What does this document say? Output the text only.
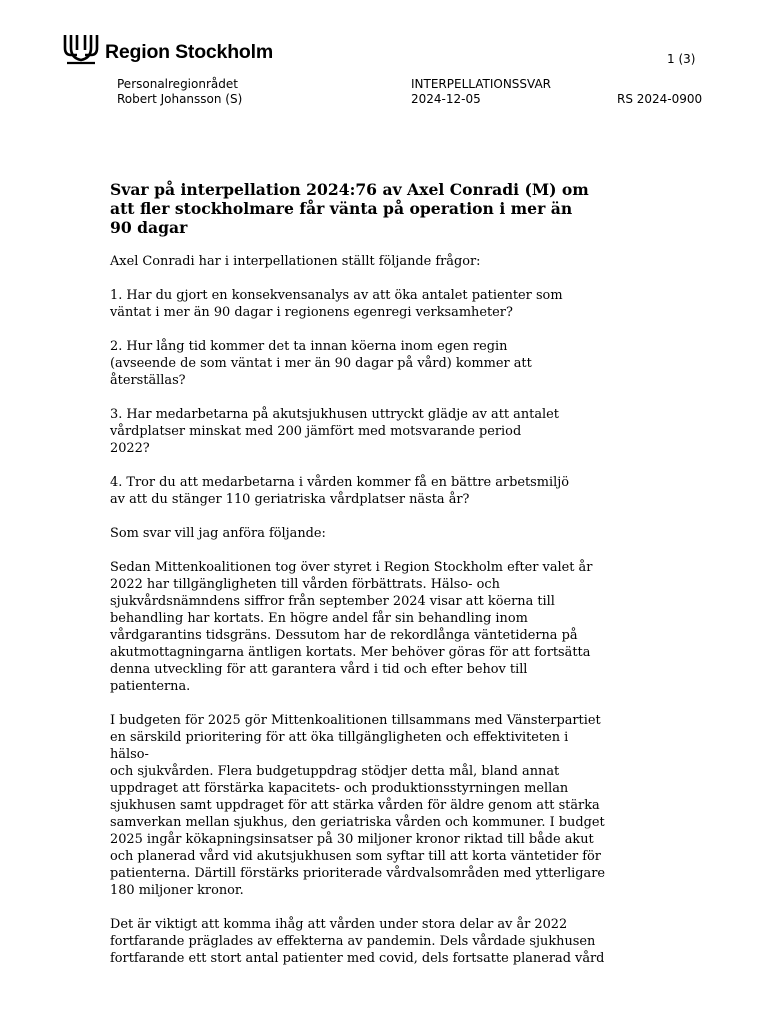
Region Stockholm	1 (3)
Personalregionrådet
Robert Johansson (S)
INTERPELLATIONSSVAR
2024-12-05	RS 2024-0900
Svar på interpellation 2024:76 av Axel Conradi (M) om
att fler stockholmare får vänta på operation i mer än
90 dagar

Axel Conradi har i interpellationen ställt följande frågor:

1. Har du gjort en konsekvensanalys av att öka antalet patienter som
väntat i mer än 90 dagar i regionens egenregi verksamheter?

2. Hur lång tid kommer det ta innan köerna inom egen regin
(avseende de som väntat i mer än 90 dagar på vård) kommer att
återställas?

3. Har medarbetarna på akutsjukhusen uttryckt glädje av att antalet
vårdplatser minskat med 200 jämfört med motsvarande period
2022?

4. Tror du att medarbetarna i vården kommer få en bättre arbetsmiljö
av att du stänger 110 geriatriska vårdplatser nästa år?

Som svar vill jag anföra följande:

Sedan Mittenkoalitionen tog över styret i Region Stockholm efter valet år
2022 har tillgängligheten till vården förbättrats. Hälso- och
sjukvårdsnämndens siffror från september 2024 visar att köerna till
behandling har kortats. En högre andel får sin behandling inom
vårdgarantins tidsgräns. Dessutom har de rekordlånga väntetiderna på
akutmottagningarna äntligen kortats. Mer behöver göras för att fortsätta
denna utveckling för att garantera vård i tid och efter behov till patienterna.

I budgeten för 2025 gör Mittenkoalitionen tillsammans med Vänsterpartiet
en särskild prioritering för att öka tillgängligheten och effektiviteten i hälso-
och sjukvården. Flera budgetuppdrag stödjer detta mål, bland annat
uppdraget att förstärka kapacitets- och produktionsstyrningen mellan
sjukhusen samt uppdraget för att stärka vården för äldre genom att stärka
samverkan mellan sjukhus, den geriatriska vården och kommuner. I budget
2025 ingår kökapningsinsatser på 30 miljoner kronor riktad till både akut
och planerad vård vid akutsjukhusen som syftar till att korta väntetider för
patienterna. Därtill förstärks prioriterade vårdvalsområden med ytterligare
180 miljoner kronor.

Det är viktigt att komma ihåg att vården under stora delar av år 2022
fortfarande präglades av effekterna av pandemin. Dels vårdade sjukhusen
fortfarande ett stort antal patienter med covid, dels fortsatte planerad vård
